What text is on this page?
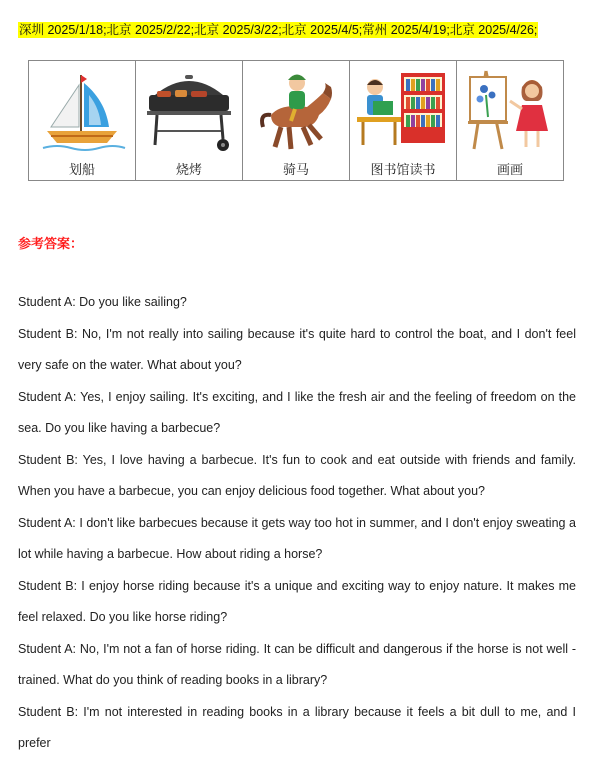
深圳 2025/1/18;北京 2025/2/22;北京 2025/3/22;北京 2025/4/5;常州 2025/4/19;北京 2025/4/26;
划船	烧烤	骑马	图书馆读书	画画
参考答案：

Student A: Do you like sailing?

Student B: No, I'm not really into sailing because it's quite hard to control the boat, and I don't feel very safe on the water. What about you?

Student A: Yes, I enjoy sailing. It's exciting, and I like the fresh air and the feeling of freedom on the sea. Do you like having a barbecue?

Student B: Yes, I love having a barbecue. It's fun to cook and eat outside with friends and family. When you have a barbecue, you can enjoy delicious food together. What about you?

Student A: I don't like barbecues because it gets way too hot in summer, and I don't enjoy sweating a lot while having a barbecue. How about riding a horse?

Student B: I enjoy horse riding because it's a unique and exciting way to enjoy nature. It makes me feel relaxed. Do you like horse riding?

Student A: No, I'm not a fan of horse riding. It can be difficult and dangerous if the horse is not well - trained. What do you think of reading books in a library?

Student B: I'm not interested in reading books in a library because it feels a bit dull to me, and I prefer
